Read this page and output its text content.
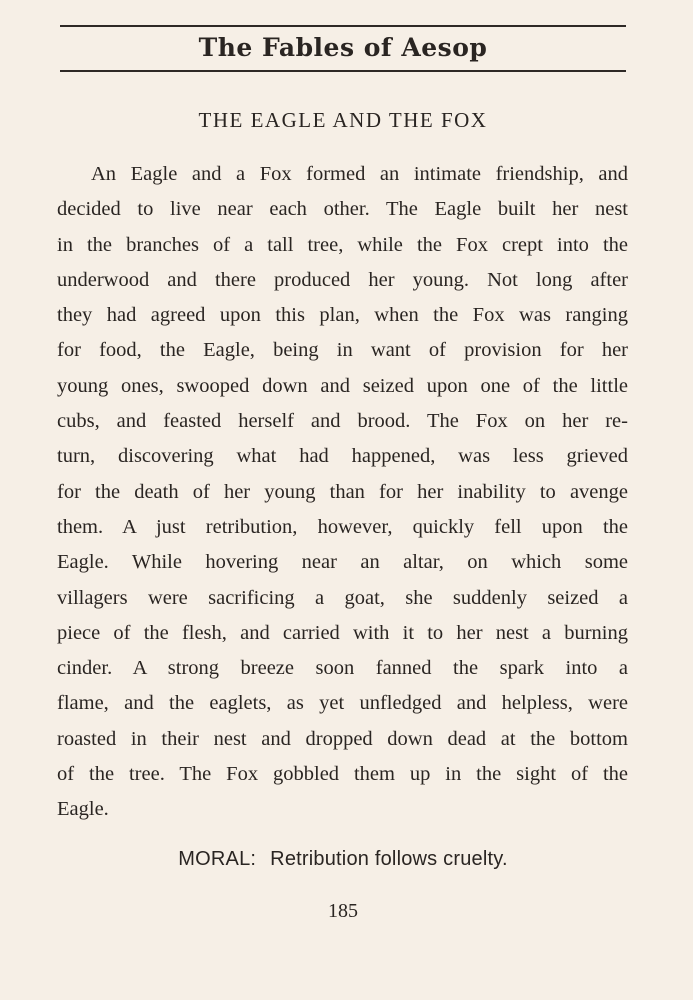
The Fables of Aesop
THE EAGLE AND THE FOX
An Eagle and a Fox formed an intimate friendship, and
decided to live near each other. The Eagle built her nest
in the branches of a tall tree, while the Fox crept into the
underwood and there produced her young. Not long after
they had agreed upon this plan, when the Fox was ranging
for food, the Eagle, being in want of provision for her
young ones, swooped down and seized upon one of the little
cubs, and feasted herself and brood. The Fox on her re-
turn, discovering what had happened, was less grieved
for the death of her young than for her inability to avenge
them. A just retribution, however, quickly fell upon the
Eagle. While hovering near an altar, on which some
villagers were sacrificing a goat, she suddenly seized a
piece of the flesh, and carried with it to her nest a burning
cinder. A strong breeze soon fanned the spark into a
flame, and the eaglets, as yet unfledged and helpless, were
roasted in their nest and dropped down dead at the bottom
of the tree. The Fox gobbled them up in the sight of the
Eagle.
MORAL: Retribution follows cruelty.
185
